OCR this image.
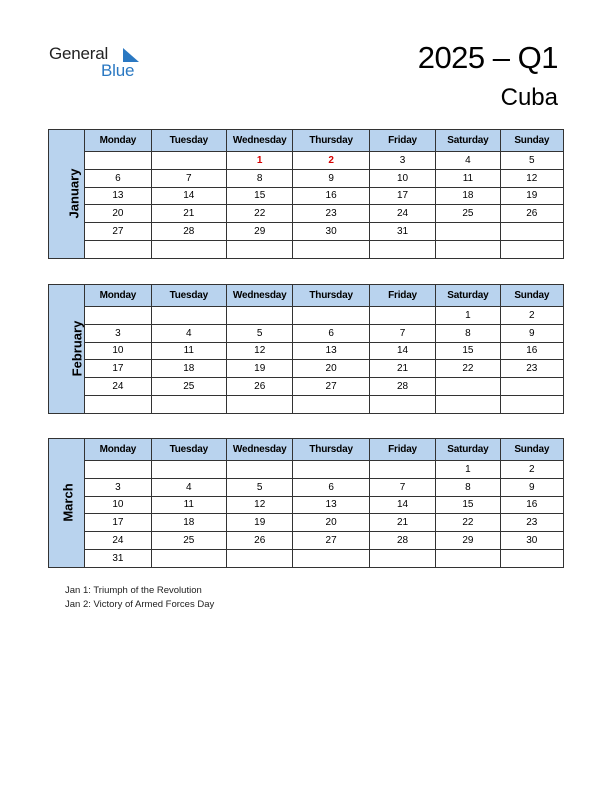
General
Blue	2025 – Q1
Cuba
January	Monday	Tuesday	Wednesday	Thursday	Friday	Saturday	Sunday
			1	2	3	4	5
	6	7	8	9	10	11	12
	13	14	15	16	17	18	19
	20	21	22	23	24	25	26
	27	28	29	30	31		

February	Monday	Tuesday	Wednesday	Thursday	Friday	Saturday	Sunday
						1	2
	3	4	5	6	7	8	9
	10	11	12	13	14	15	16
	17	18	19	20	21	22	23
	24	25	26	27	28		

March	Monday	Tuesday	Wednesday	Thursday	Friday	Saturday	Sunday
						1	2
	3	4	5	6	7	8	9
	10	11	12	13	14	15	16
	17	18	19	20	21	22	23
	24	25	26	27	28	29	30
	31						
Jan 1: Triumph of the Revolution
Jan 2: Victory of Armed Forces Day
